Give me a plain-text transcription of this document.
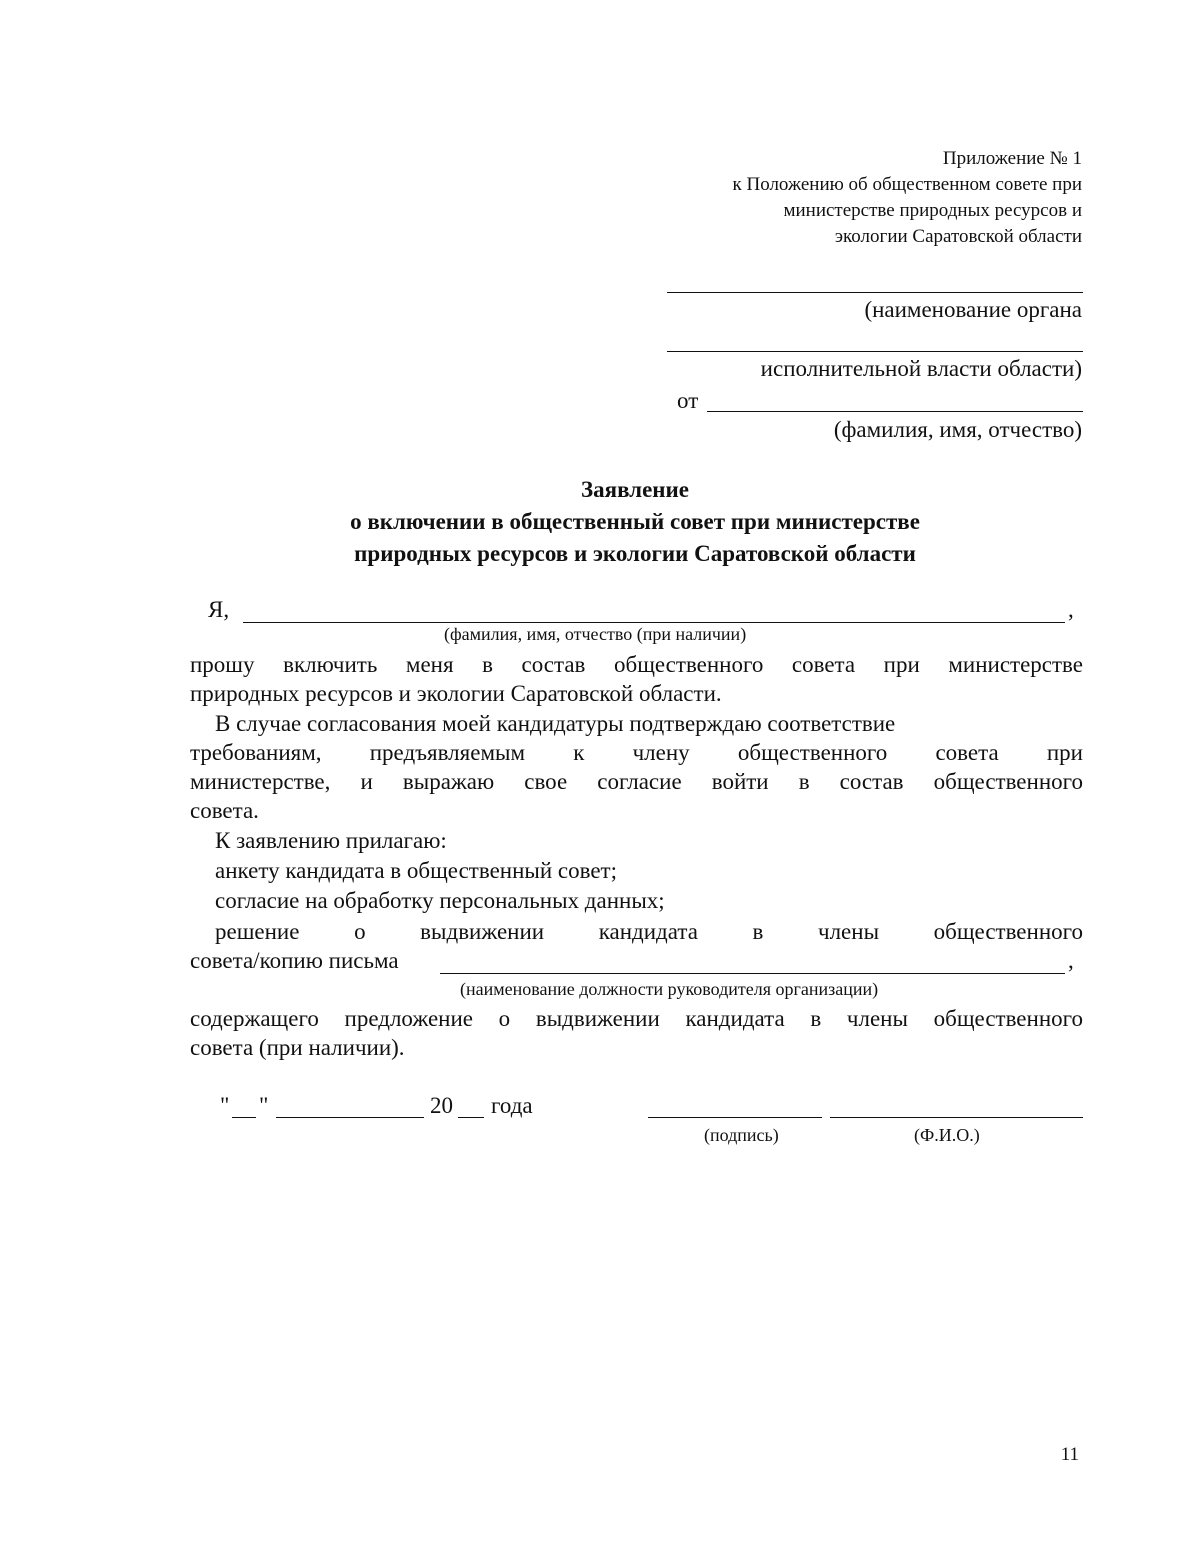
Приложение № 1
к Положению об общественном совете при
министерстве природных ресурсов и
экологии Саратовской области
(наименование органа
исполнительной власти области)
от
(фамилия, имя, отчество)
Заявление
о включении в общественный совет при министерстве
природных ресурсов и экологии Саратовской области
Я,	,
(фамилия, имя, отчество (при наличии)
прошу включить меня в состав общественного совета при министерстве
природных ресурсов и экологии Саратовской области.
В случае согласования моей кандидатуры подтверждаю соответствие
требованиям, предъявляемым к члену общественного совета при
министерстве, и выражаю свое согласие войти в состав общественного
совета.
К заявлению прилагаю:
анкету кандидата в общественный совет;
согласие на обработку персональных данных;
решение о выдвижении кандидата в члены общественного
совета/копию письма	,
(наименование должности руководителя организации)
содержащего предложение о выдвижении кандидата в члены общественного
совета (при наличии).
" "	20 года
(подпись)	(Ф.И.О.)
11
